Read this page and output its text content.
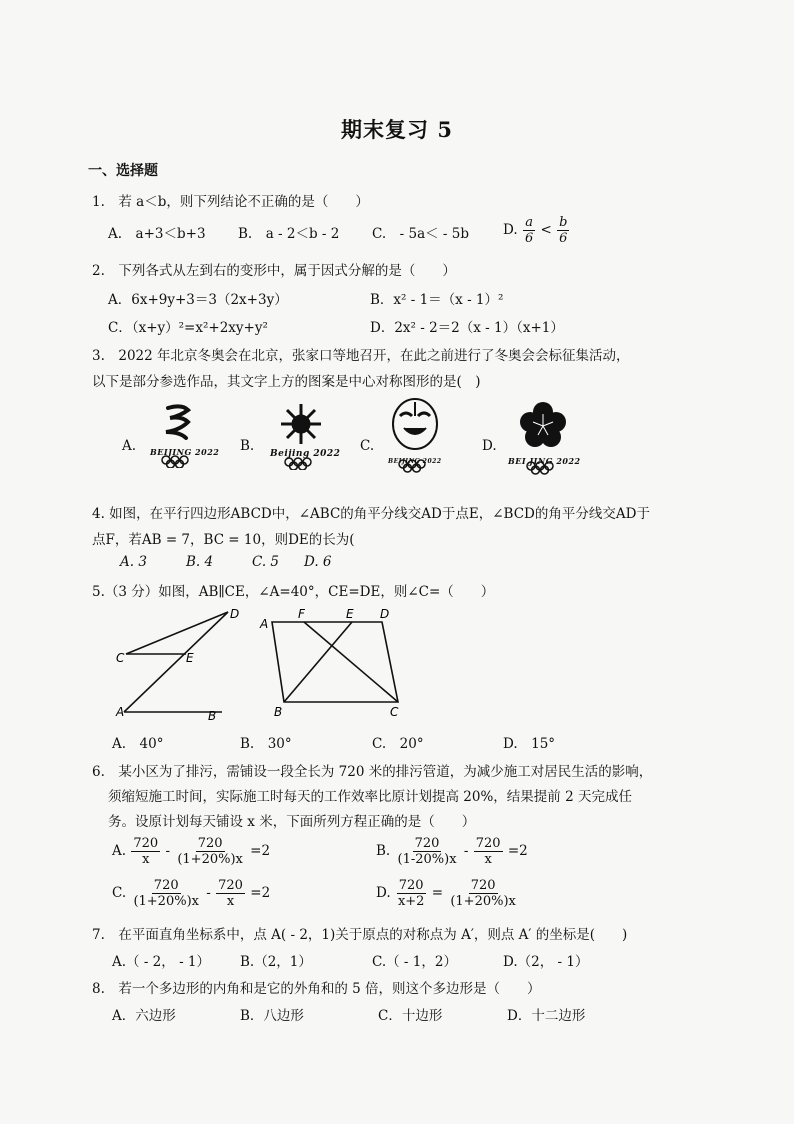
期末复习 5
一、选择题
1.　若 a＜b，则下列结论不正确的是（　　）
A.　a+3＜b+3 B.　a - 2＜b - 2 C.　- 5a＜ - 5b	D. $\frac{a}{6} < \frac{b}{6}$
2.　下列各式从左到右的变形中，属于因式分解的是（　　）
A．6x+9y+3＝3（2x+3y）	B．x² - 1＝（x - 1）²
C．（x+y）²=x²+2xy+y²	D．2x² - 2＝2（x - 1）（x+1）
3.　2022 年北京冬奥会在北京，张家口等地召开，在此之前进行了冬奥会会标征集活动，
以下是部分参选作品，其文字上方的图案是中心对称图形的是(　)
A. BEIJING 2022 B. Beijing 2022 C.
BEIJING 2022
D.
BEI JING 2022
4. 如图，在平行四边形ABCD中，∠ABC的角平分线交AD于点E，∠BCD的角平分线交AD于
点F，若AB = 7，BC = 10，则DE的长为(
A. 3	B. 4	C. 5 D. 6
5.（3 分）如图，AB∥CE，∠A=40°，CE=DE，则∠C=（　　）
D
C	E
A	B
A
F	E D
B	C
A.　40°	B.　30°	C.　20°	D.　15°
6.　某小区为了排污，需铺设一段全长为 720 米的排污管道，为减少施工对居民生活的影响，
须缩短施工时间，实际施工时每天的工作效率比原计划提高 20%，结果提前 2 天完成任
务。设原计划每天铺设 x 米，下面所列方程正确的是（　　）
A. $\frac{720}{x} - \frac{720}{(1+20\%)x} =2$	B. $\frac{720}{(1-20\%)x} - \frac{720}{x} =2$
C. $\frac{720}{(1+20\%)x} - \frac{720}{x} =2$	D. $\frac{720}{x+2} = \frac{720}{(1+20\%)x}$
7.　在平面直角坐标系中，点 A( - 2，1)关于原点的对称点为 A′，则点 A′ 的坐标是(　　)
A.（ - 2， - 1） B.（2，1）	C.（ - 1，2）	D.（2， - 1）
8.　若一个多边形的内角和是它的外角和的 5 倍，则这个多边形是（　　）
A．六边形	B．八边形	C．十边形	D．十二边形
